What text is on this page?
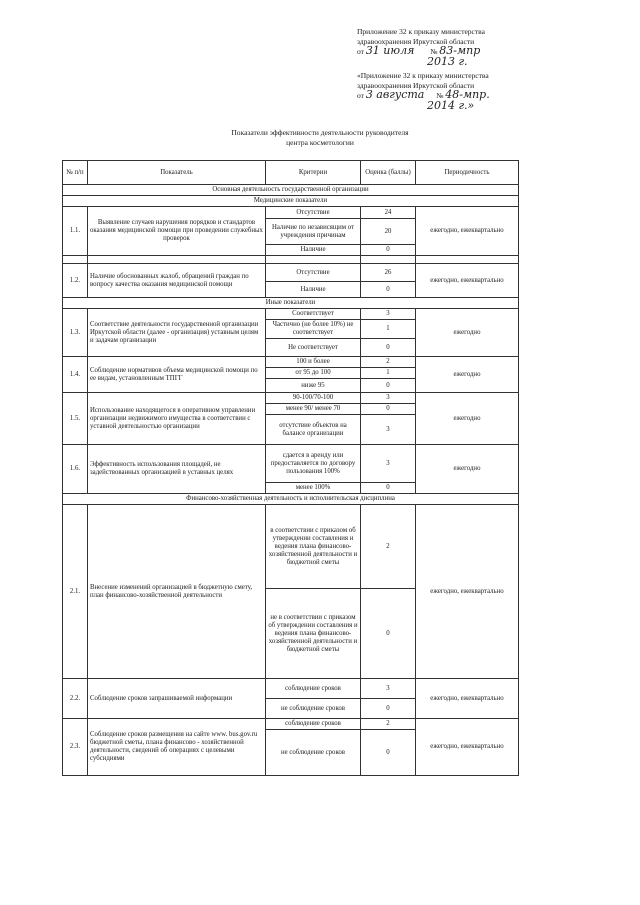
Приложение 32 к приказу министерства
здравоохранения Иркутской области
от 31 июля № 83-мпр
2013 г.
«Приложение 32 к приказу министерства
здравоохранения Иркутской области
от 3 августа № 48-мпр.
2014 г.»
Показатели эффективности деятельности руководителя
центра косметологии
№ п/п	Показатель	Критерии	Оценка (баллы)	Периодичность
Основная деятельность государственной организации				
Медицинские показатели				
1.1.	Выявление случаев нарушения порядков и стандартов оказания медицинской помощи при проведении служебных проверок	Отсутствие	24	ежегодно, ежеквартально
		Наличие по независящим от учреждения причинам	20	
		Наличие	0	

1.2.	Наличие обоснованных жалоб, обращений граждан по вопросу качества оказания медицинской помощи	Отсутствие	26	ежегодно, ежеквартально
		Наличие	0	
Иные показатели				
1.3.	Соответствие деятельности государственной организации Иркутской области (далее - организация) уставным целям и задачам организации	Соответствует	3	ежегодно
		Частично (не более 10%) не соответствует	1	
		Не соответствует	0	
1.4.	Соблюдение нормативов объема медицинской помощи по ее видам, установленным ТПГГ	100 и более	2	ежегодно
		от 95 до 100	1	
		ниже 95	0	
1.5.	Использование находящегося в оперативном управлении организации недвижимого имущества в соответствии с уставной деятельностью организации	90-100/70-100	3	ежегодно
		менее 90/ менее 70	0	
		отсутствие объектов на балансе организации	3	
1.6.	Эффективность использования площадей, не задействованных организацией в уставных целях	сдается в аренду или предоставляется по договору пользования 100%	3	ежегодно
		менее 100%	0	
Финансово-хозяйственная деятельность и исполнительская дисциплина				
2.1.	Внесение изменений организацией в бюджетную смету, план финансово-хозяйственной деятельности	в соответствии с приказом об утверждении составления и ведения плана финансово-хозяйственной деятельности и бюджетной сметы	2	ежегодно, ежеквартально
		не в соответствии с приказом об утверждении составления и ведения плана финансово-хозяйственной деятельности и бюджетной сметы	0	
2.2.	Соблюдение сроков запрашиваемой информации	соблюдение сроков	3	ежегодно, ежеквартально
		не соблюдение сроков	0	
2.3.	Соблюдение сроков размещения на сайте www. bus.gov.ru бюджетной сметы, плана финансово - хозяйственной деятельности, сведений об операциях с целевыми субсидиями	соблюдение сроков	2	ежегодно, ежеквартально
		не соблюдение сроков	0	
